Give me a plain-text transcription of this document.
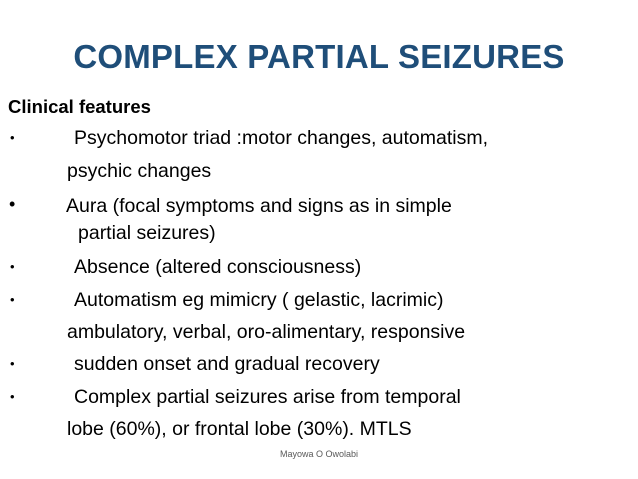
COMPLEX PARTIAL SEIZURES
Clinical features
•	Psychomotor triad :motor changes, automatism,
psychic changes
•	Aura (focal symptoms and signs as in simple
partial seizures)
•	Absence (altered consciousness)
•	Automatism eg mimicry ( gelastic, lacrimic)
ambulatory, verbal, oro-alimentary, responsive
•	sudden onset and gradual recovery
•	Complex partial seizures arise from temporal
lobe (60%), or frontal lobe (30%). MTLS
Mayowa O Owolabi
